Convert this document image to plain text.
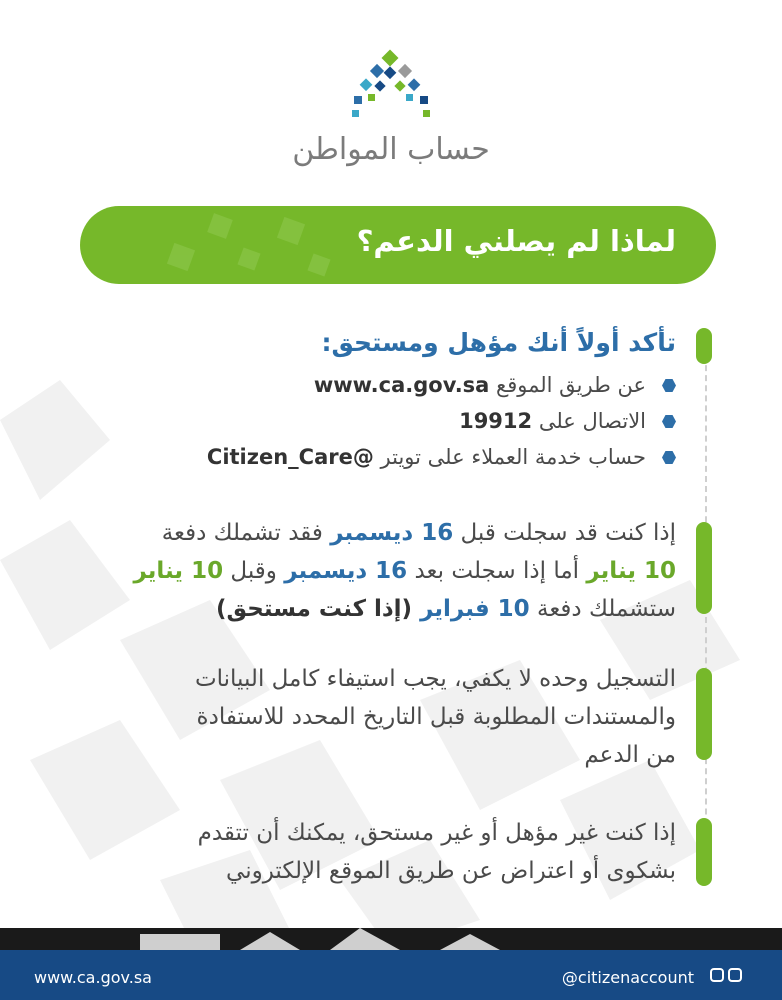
حساب المواطن
لماذا لم يصلني الدعم؟
تأكد أولاً أنك مؤهل ومستحق:
عن طريق الموقع www.ca.gov.sa
الاتصال على 19912
حساب خدمة العملاء على تويتر @Citizen_Care
إذا كنت قد سجلت قبل 16 ديسمبر فقد تشملك دفعة
10 يناير أما إذا سجلت بعد 16 ديسمبر وقبل 10 يناير
ستشملك دفعة 10 فبراير (إذا كنت مستحق)
التسجيل وحده لا يكفي، يجب استيفاء كامل البيانات
والمستندات المطلوبة قبل التاريخ المحدد للاستفادة
من الدعم
إذا كنت غير مؤهل أو غير مستحق، يمكنك أن تتقدم
بشكوى أو اعتراض عن طريق الموقع الإلكتروني
www.ca.gov.sa	@citizenaccount
